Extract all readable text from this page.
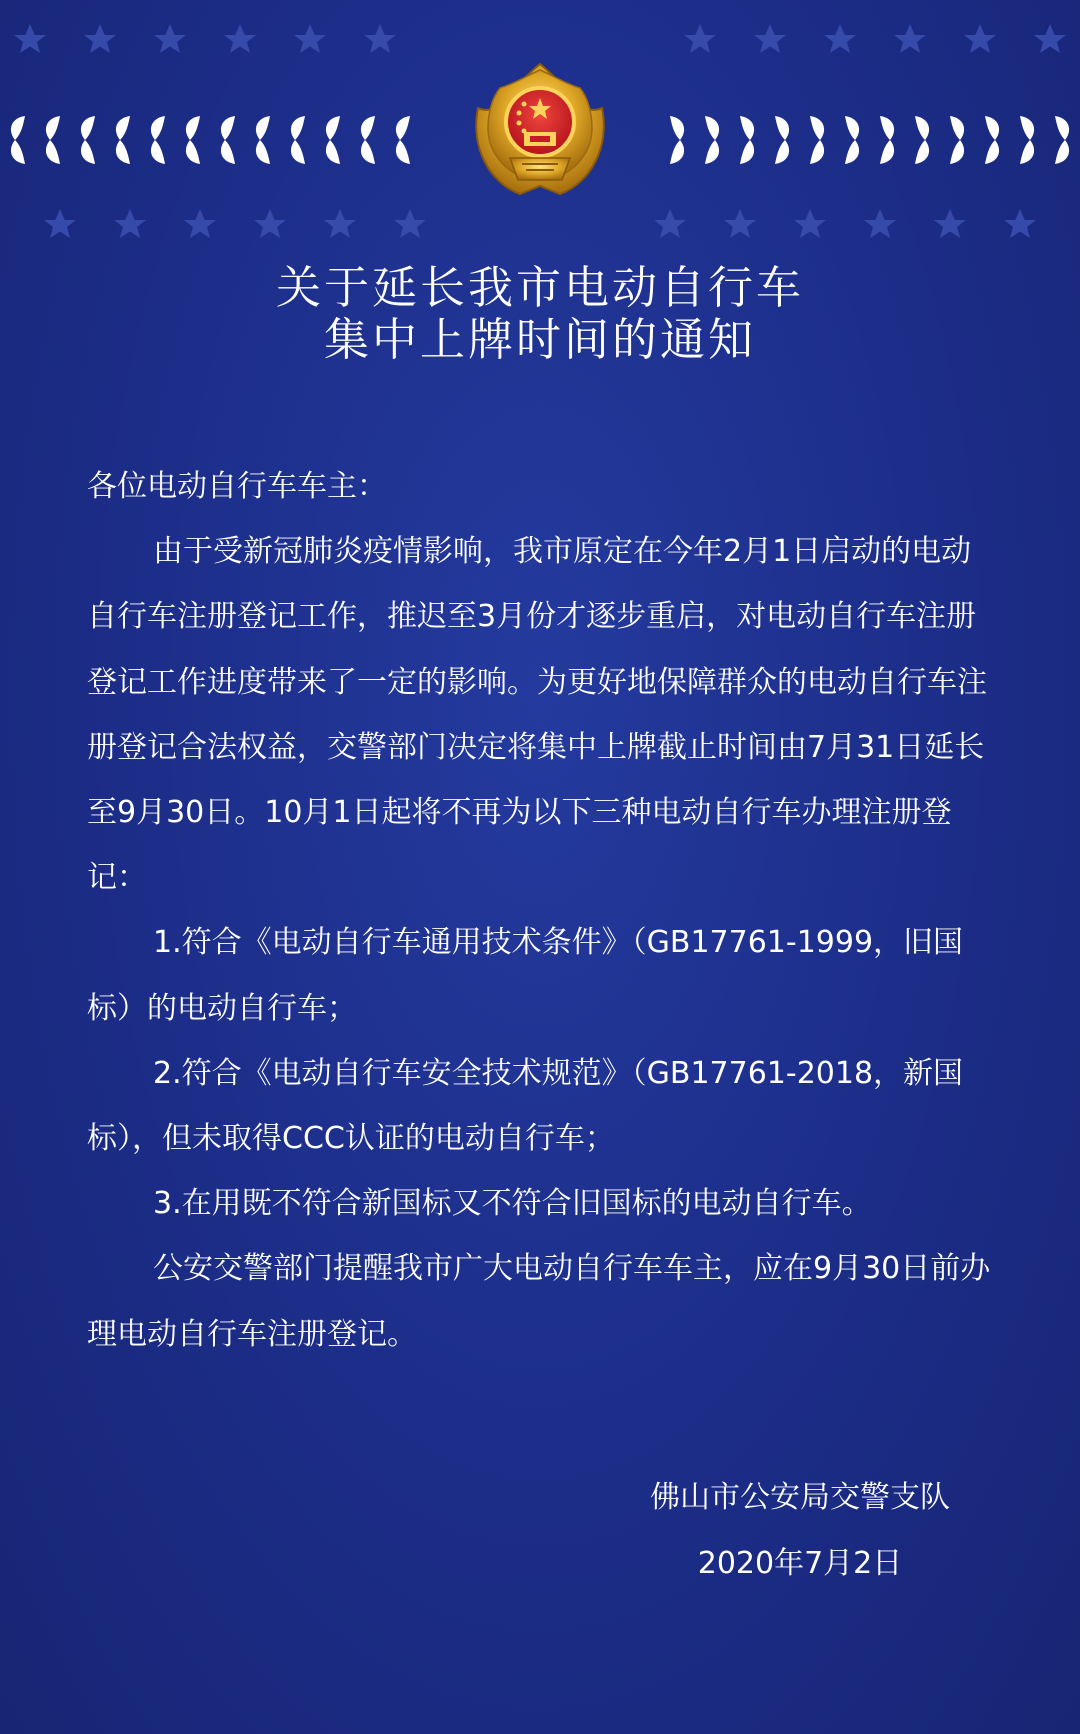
关于延长我市电动自行车
集中上牌时间的通知

各位电动自行车车主：

由于受新冠肺炎疫情影响，我市原定在今年2月1日启动的电动自行车注册登记工作，推迟至3月份才逐步重启，对电动自行车注册登记工作进度带来了一定的影响。为更好地保障群众的电动自行车注册登记合法权益，交警部门决定将集中上牌截止时间由7月31日延长至9月30日。10月1日起将不再为以下三种电动自行车办理注册登记：

1.符合《电动自行车通用技术条件》（GB17761-1999，旧国标）的电动自行车；

2.符合《电动自行车安全技术规范》（GB17761-2018，新国标），但未取得CCC认证的电动自行车；

3.在用既不符合新国标又不符合旧国标的电动自行车。

公安交警部门提醒我市广大电动自行车车主，应在9月30日前办理电动自行车注册登记。

佛山市公安局交警支队
2020年7月2日
